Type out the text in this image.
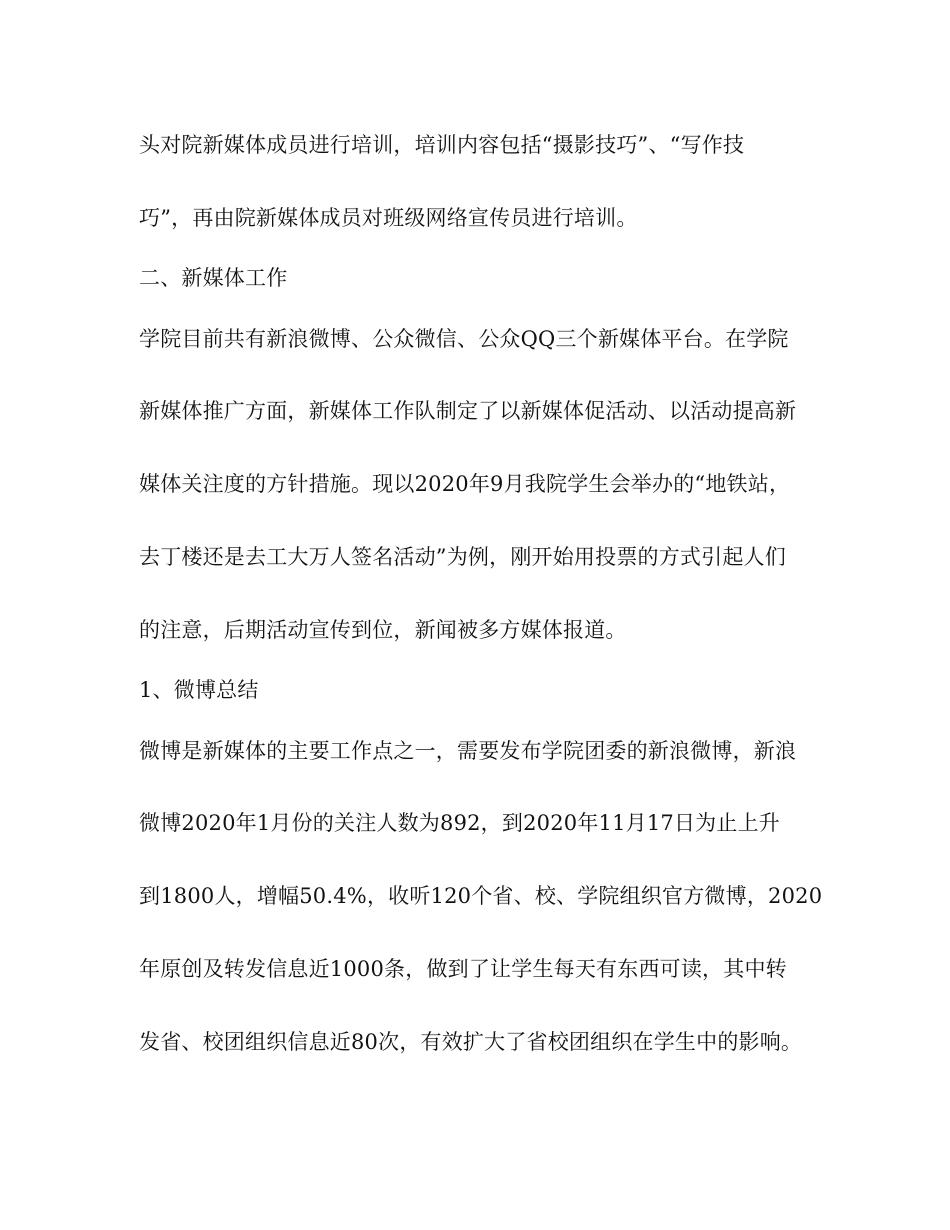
头对院新媒体成员进行培训，培训内容包括“摄影技巧”、“写作技
巧”，再由院新媒体成员对班级网络宣传员进行培训。
二、新媒体工作
学院目前共有新浪微博、公众微信、公众QQ三个新媒体平台。在学院
新媒体推广方面，新媒体工作队制定了以新媒体促活动、以活动提高新
媒体关注度的方针措施。现以2020年9月我院学生会举办的“地铁站，
去丁楼还是去工大万人签名活动”为例，刚开始用投票的方式引起人们
的注意，后期活动宣传到位，新闻被多方媒体报道。
1、微博总结
微博是新媒体的主要工作点之一，需要发布学院团委的新浪微博，新浪
微博2020年1月份的关注人数为892，到2020年11月17日为止上升
到1800人，增幅50.4%，收听120个省、校、学院组织官方微博，2020
年原创及转发信息近1000条，做到了让学生每天有东西可读，其中转
发省、校团组织信息近80次，有效扩大了省校团组织在学生中的影响。
